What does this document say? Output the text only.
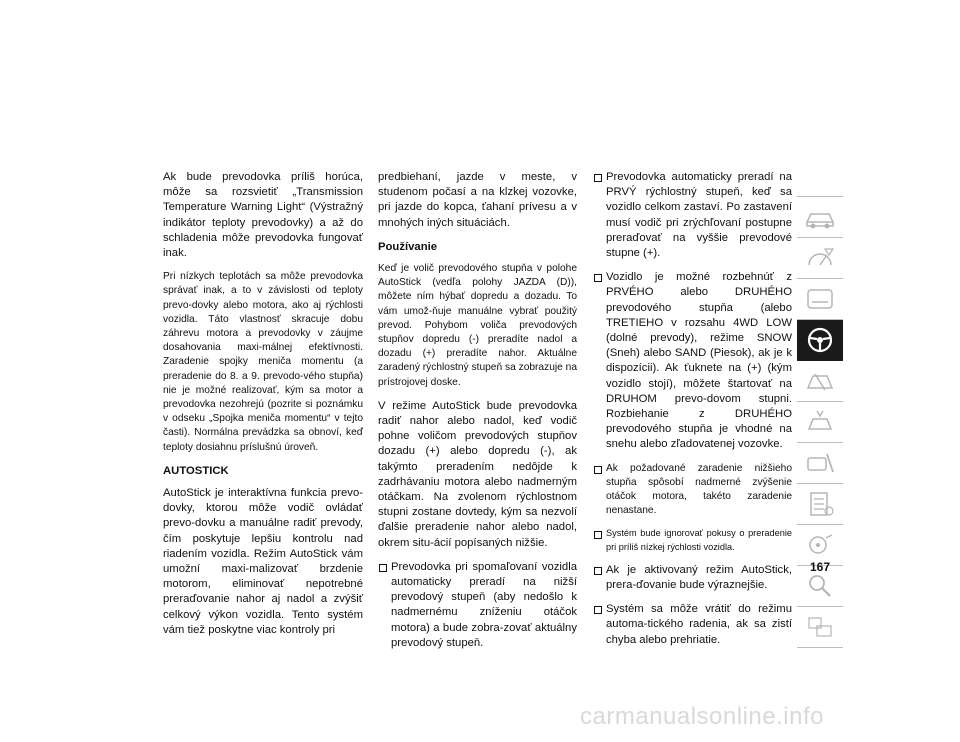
Ak bude prevodovka príliš horúca, môže sa rozsvietiť „Transmission Temperature Warning Light“ (Výstražný indikátor teploty prevodovky) a až do schladenia môže prevodovka fungovať inak.

Pri nízkych teplotách sa môže prevodovka správať inak, a to v závislosti od teploty prevo-dovky alebo motora, ako aj rýchlosti vozidla. Táto vlastnosť skracuje dobu záhrevu motora a prevodovky v záujme dosahovania maxi-málnej efektívnosti. Zaradenie spojky meniča momentu (a preradenie do 8. a 9. prevodo-vého stupňa) nie je možné realizovať, kým sa motor a prevodovka nezohrejú (pozrite si poznámku v odseku „Spojka meniča momentu“ v tejto časti). Normálna prevádzka sa obnoví, keď teploty dosiahnu príslušnú úroveň.

AUTOSTICK

AutoStick je interaktívna funkcia prevo-dovky, ktorou môže vodič ovládať prevo-dovku a manuálne radiť prevody, čím poskytuje lepšiu kontrolu nad riadením vozidla. Režim AutoStick vám umožní maxi-malizovať brzdenie motorom, eliminovať nepotrebné preraďovanie nahor aj nadol a zvýšiť celkový výkon vozidla. Tento systém vám tiež poskytne viac kontroly pri

predbiehaní, jazde v meste, v studenom počasí a na klzkej vozovke, pri jazde do kopca, ťahaní prívesu a v mnohých iných situáciách.

Používanie

Keď je volič prevodového stupňa v polohe AutoStick (vedľa polohy JAZDA (D)), môžete ním hýbať dopredu a dozadu. To vám umož-ňuje manuálne vybrať použitý prevod. Pohybom voliča prevodových stupňov dopredu (-) preradíte nadol a dozadu (+) preradíte nahor. Aktuálne zaradený rýchlostný stupeň sa zobrazuje na prístrojovej doske.

V režime AutoStick bude prevodovka radiť nahor alebo nadol, keď vodič pohne voličom prevodových stupňov dozadu (+) alebo dopredu (-), ak takýmto preradením nedôjde k zadrhávaniu motora alebo nadmerným otáčkam. Na zvolenom rýchlostnom stupni zostane dovtedy, kým sa nezvolí ďalšie preradenie nahor alebo nadol, okrem situ-ácií popísaných nižšie.

Prevodovka pri spomaľovaní vozidla automaticky preradí na nižší prevodový stupeň (aby nedošlo k nadmernému zníženiu otáčok motora) a bude zobra-zovať aktuálny prevodový stupeň.
Prevodovka automaticky preradí na PRVÝ rýchlostný stupeň, keď sa vozidlo celkom zastaví. Po zastavení musí vodič pri zrýchľovaní postupne preraďovať na vyššie prevodové stupne (+).
Vozidlo je možné rozbehnúť z PRVÉHO alebo DRUHÉHO prevodového stupňa (alebo TRETIEHO v rozsahu 4WD LOW (dolné prevody), režime SNOW (Sneh) alebo SAND (Piesok), ak je k dispozícii). Ak ťuknete na (+) (kým vozidlo stojí), môžete štartovať na DRUHOM prevo-dovom stupni. Rozbiehanie z DRUHÉHO prevodového stupňa je vhodné na snehu alebo zľadovatenej vozovke.
Ak požadované zaradenie nižšieho stupňa spôsobí nadmerné zvýšenie otáčok motora, takéto zaradenie nenastane.
Systém bude ignorovať pokusy o preradenie pri príliš nízkej rýchlosti vozidla.
Ak je aktivovaný režim AutoStick, prera-ďovanie bude výraznejšie.
Systém sa môže vrátiť do režimu automa-tického radenia, ak sa zistí chyba alebo prehriatie.
167
carmanualsonline.info
